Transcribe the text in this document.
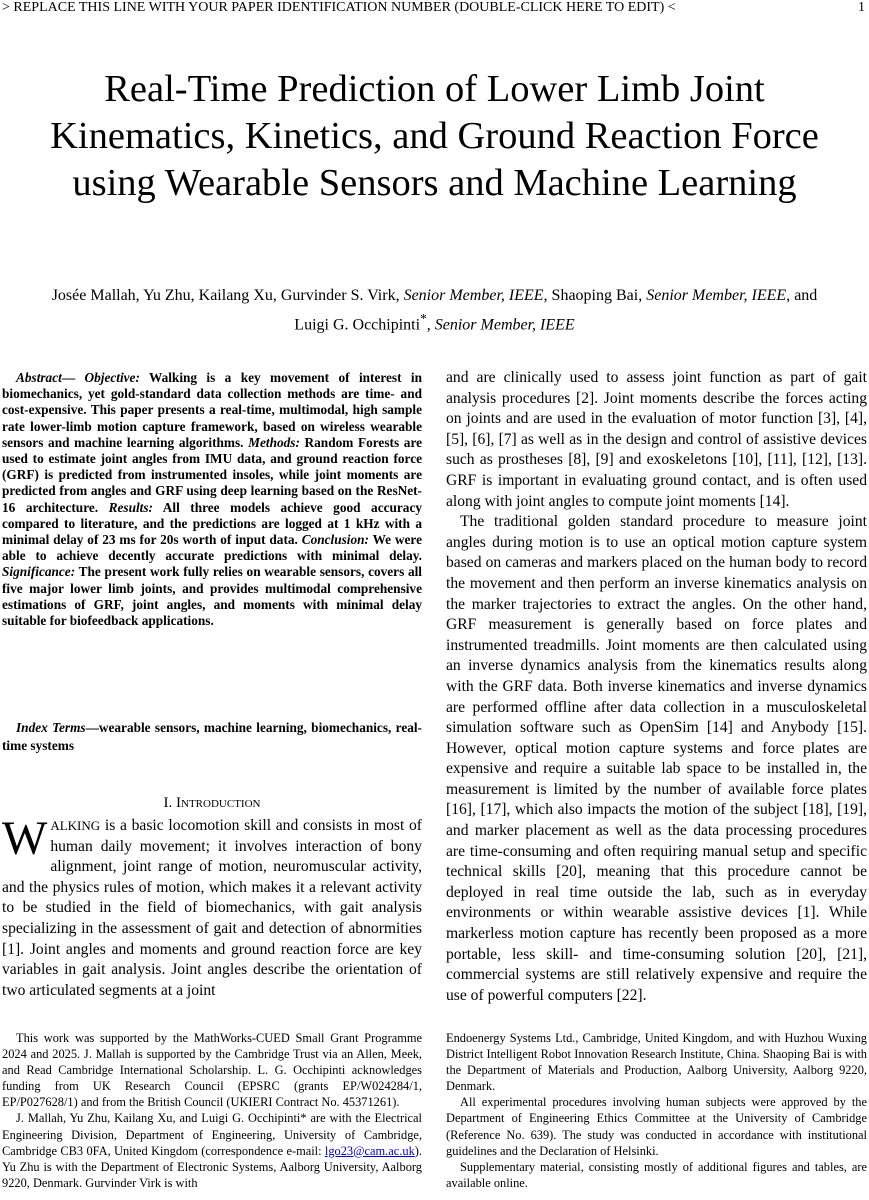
> REPLACE THIS LINE WITH YOUR PAPER IDENTIFICATION NUMBER (DOUBLE-CLICK HERE TO EDIT) <	1
Real-Time Prediction of Lower Limb Joint Kinematics, Kinetics, and Ground Reaction Force using Wearable Sensors and Machine Learning
Josée Mallah, Yu Zhu, Kailang Xu, Gurvinder S. Virk, Senior Member, IEEE, Shaoping Bai, Senior Member, IEEE, and Luigi G. Occhipinti*, Senior Member, IEEE
Abstract— Objective: Walking is a key movement of interest in biomechanics, yet gold-standard data collection methods are time- and cost-expensive. This paper presents a real-time, multimodal, high sample rate lower-limb motion capture framework, based on wireless wearable sensors and machine learning algorithms. Methods: Random Forests are used to estimate joint angles from IMU data, and ground reaction force (GRF) is predicted from instrumented insoles, while joint moments are predicted from angles and GRF using deep learning based on the ResNet-16 architecture. Results: All three models achieve good accuracy compared to literature, and the predictions are logged at 1 kHz with a minimal delay of 23 ms for 20s worth of input data. Conclusion: We were able to achieve decently accurate predictions with minimal delay. Significance: The present work fully relies on wearable sensors, covers all five major lower limb joints, and provides multimodal comprehensive estimations of GRF, joint angles, and moments with minimal delay suitable for biofeedback applications.
Index Terms—wearable sensors, machine learning, biomechanics, real-time systems
I. Introduction
WALKING is a basic locomotion skill and consists in most of human daily movement; it involves interaction of bony alignment, joint range of motion, neuromuscular activity, and the physics rules of motion, which makes it a relevant activity to be studied in the field of biomechanics, with gait analysis specializing in the assessment of gait and detection of abnormities [1]. Joint angles and moments and ground reaction force are key variables in gait analysis. Joint angles describe the orientation of two articulated segments at a joint

and are clinically used to assess joint function as part of gait analysis procedures [2]. Joint moments describe the forces acting on joints and are used in the evaluation of motor function [3], [4], [5], [6], [7] as well as in the design and control of assistive devices such as prostheses [8], [9] and exoskeletons [10], [11], [12], [13]. GRF is important in evaluating ground contact, and is often used along with joint angles to compute joint moments [14].

The traditional golden standard procedure to measure joint angles during motion is to use an optical motion capture system based on cameras and markers placed on the human body to record the movement and then perform an inverse kinematics analysis on the marker trajectories to extract the angles. On the other hand, GRF measurement is generally based on force plates and instrumented treadmills. Joint moments are then calculated using an inverse dynamics analysis from the kinematics results along with the GRF data. Both inverse kinematics and inverse dynamics are performed offline after data collection in a musculoskeletal simulation software such as OpenSim [14] and Anybody [15]. However, optical motion capture systems and force plates are expensive and require a suitable lab space to be installed in, the measurement is limited by the number of available force plates [16], [17], which also impacts the motion of the subject [18], [19], and marker placement as well as the data processing procedures are time-consuming and often requiring manual setup and specific technical skills [20], meaning that this procedure cannot be deployed in real time outside the lab, such as in everyday environments or within wearable assistive devices [1]. While markerless motion capture has recently been proposed as a more portable, less skill- and time-consuming solution [20], [21], commercial systems are still relatively expensive and require the use of powerful computers [22].

This work was supported by the MathWorks-CUED Small Grant Programme 2024 and 2025. J. Mallah is supported by the Cambridge Trust via an Allen, Meek, and Read Cambridge International Scholarship. L. G. Occhipinti acknowledges funding from UK Research Council (EPSRC (grants EP/W024284/1, EP/P027628/1) and from the British Council (UKIERI Contract No. 45371261).

J. Mallah, Yu Zhu, Kailang Xu, and Luigi G. Occhipinti* are with the Electrical Engineering Division, Department of Engineering, University of Cambridge, Cambridge CB3 0FA, United Kingdom (correspondence e-mail: lgo23@cam.ac.uk). Yu Zhu is with the Department of Electronic Systems, Aalborg University, Aalborg 9220, Denmark. Gurvinder Virk is with

Endoenergy Systems Ltd., Cambridge, United Kingdom, and with Huzhou Wuxing District Intelligent Robot Innovation Research Institute, China. Shaoping Bai is with the Department of Materials and Production, Aalborg University, Aalborg 9220, Denmark.

All experimental procedures involving human subjects were approved by the Department of Engineering Ethics Committee at the University of Cambridge (Reference No. 639). The study was conducted in accordance with institutional guidelines and the Declaration of Helsinki.

Supplementary material, consisting mostly of additional figures and tables, are available online.
